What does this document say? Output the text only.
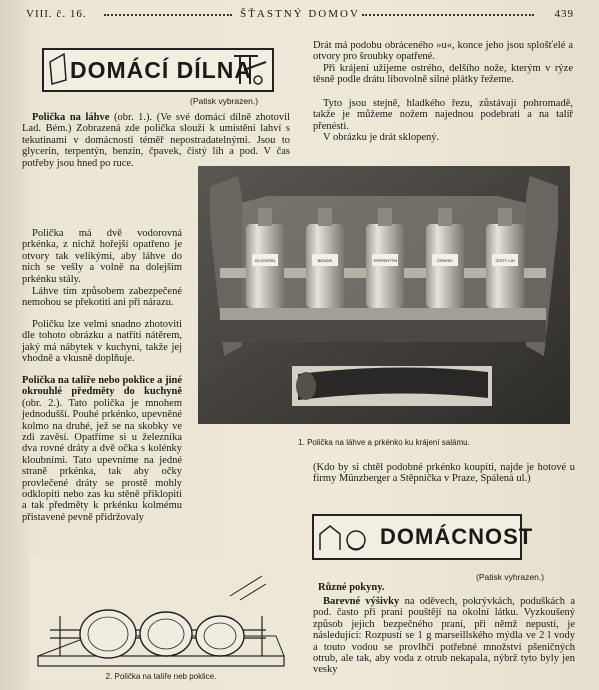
VIII. č. 16.	ŠŤASTNÝ DOMOV	439
DOMÁCÍ DÍLNA
(Patisk vybrazen.)
Polička na láhve (obr. 1.). (Ve své domácí dílně zhotovil Lad. Bém.) Zobrazená zde polička slouží k umístění lahví s tekutinami v domácnosti téměř nepostradatelnými. Jsou to glycerin, terpentýn, benzin, čpavek, čistý líh a pod. V čas potřeby jsou hned po ruce.
Polička má dvě vodorovná prkénka, z nichž hořejší opatřeno je otvory tak velikými, aby láhve do nich se vešly a volně na dolejším prkénku stály.
Láhve tím způsobem zabezpečené nemohou se překotiti ani při nárazu.
Poličku lze velmi snadno zhotoviti dle tohoto obrázku a natříti nátěrem, jaký má nábytek v kuchyni, takže jej vhodně a vkusně doplňuje.
Polička na talíře nebo poklice a jiné okrouhlé předměty do kuchyně (obr. 2.). Tato polička je mnohem jednodušší. Pouhé prkénko, upevněné kolmo na druhé, jež se na skobky ve zdi zavěsí. Opatříme si u železníka dva rovné dráty a dvě očka s kolénky kloubními. Tato upevníme na jedné straně prkénka, tak aby očky provlečené dráty se prostě mohly odklopiti nebo zas ku stěně přiklopiti a tak předměty k prkénku kolmému přistavené pevně přidržovaly
Drát má podobu obráceného »u«, konce jeho jsou splošťelé a otvory pro šroubky opatřené.
Při krájení užijeme ostrého, delšího nože, kterým v rýze těsně podle drátu libovolně silné plátky řežeme.
Tyto jsou stejně, hladkého řezu, zůstávají pohromadě, takže je můžeme nožem najednou podebrati a na talíř přenésti.
V obrázku je drát sklopený.
GLYCERIN	BENZIN	TERPENTÝN	ČPAVEK	ČISTÝ LÍH
1. Polička na láhve a prkénko ku krájení salámu.
(Kdo by si chtěl podobné prkénko koupiti, najde je hotové u firmy Münzberger a Stěpnička v Praze, Spálená ul.)
DOMÁCNOST
(Patisk vyhrazen.)
Různé pokyny.
Barevné výšivky na oděvech, pokrývkách, poduškách a pod. často při praní pouštějí na okolní látku. Vyzkoušený způsob jejich bezpečného praní, při němž nepustí, je následující: Rozpustí se 1 g marseillského mýdla ve 2 l vody a touto vodou se provlhčí potřebné množství pšeničných otrub, ale tak, aby voda z otrub nekapala, nýbrž tyto byly jen vesky
2. Polička na talíře neb poklice.
